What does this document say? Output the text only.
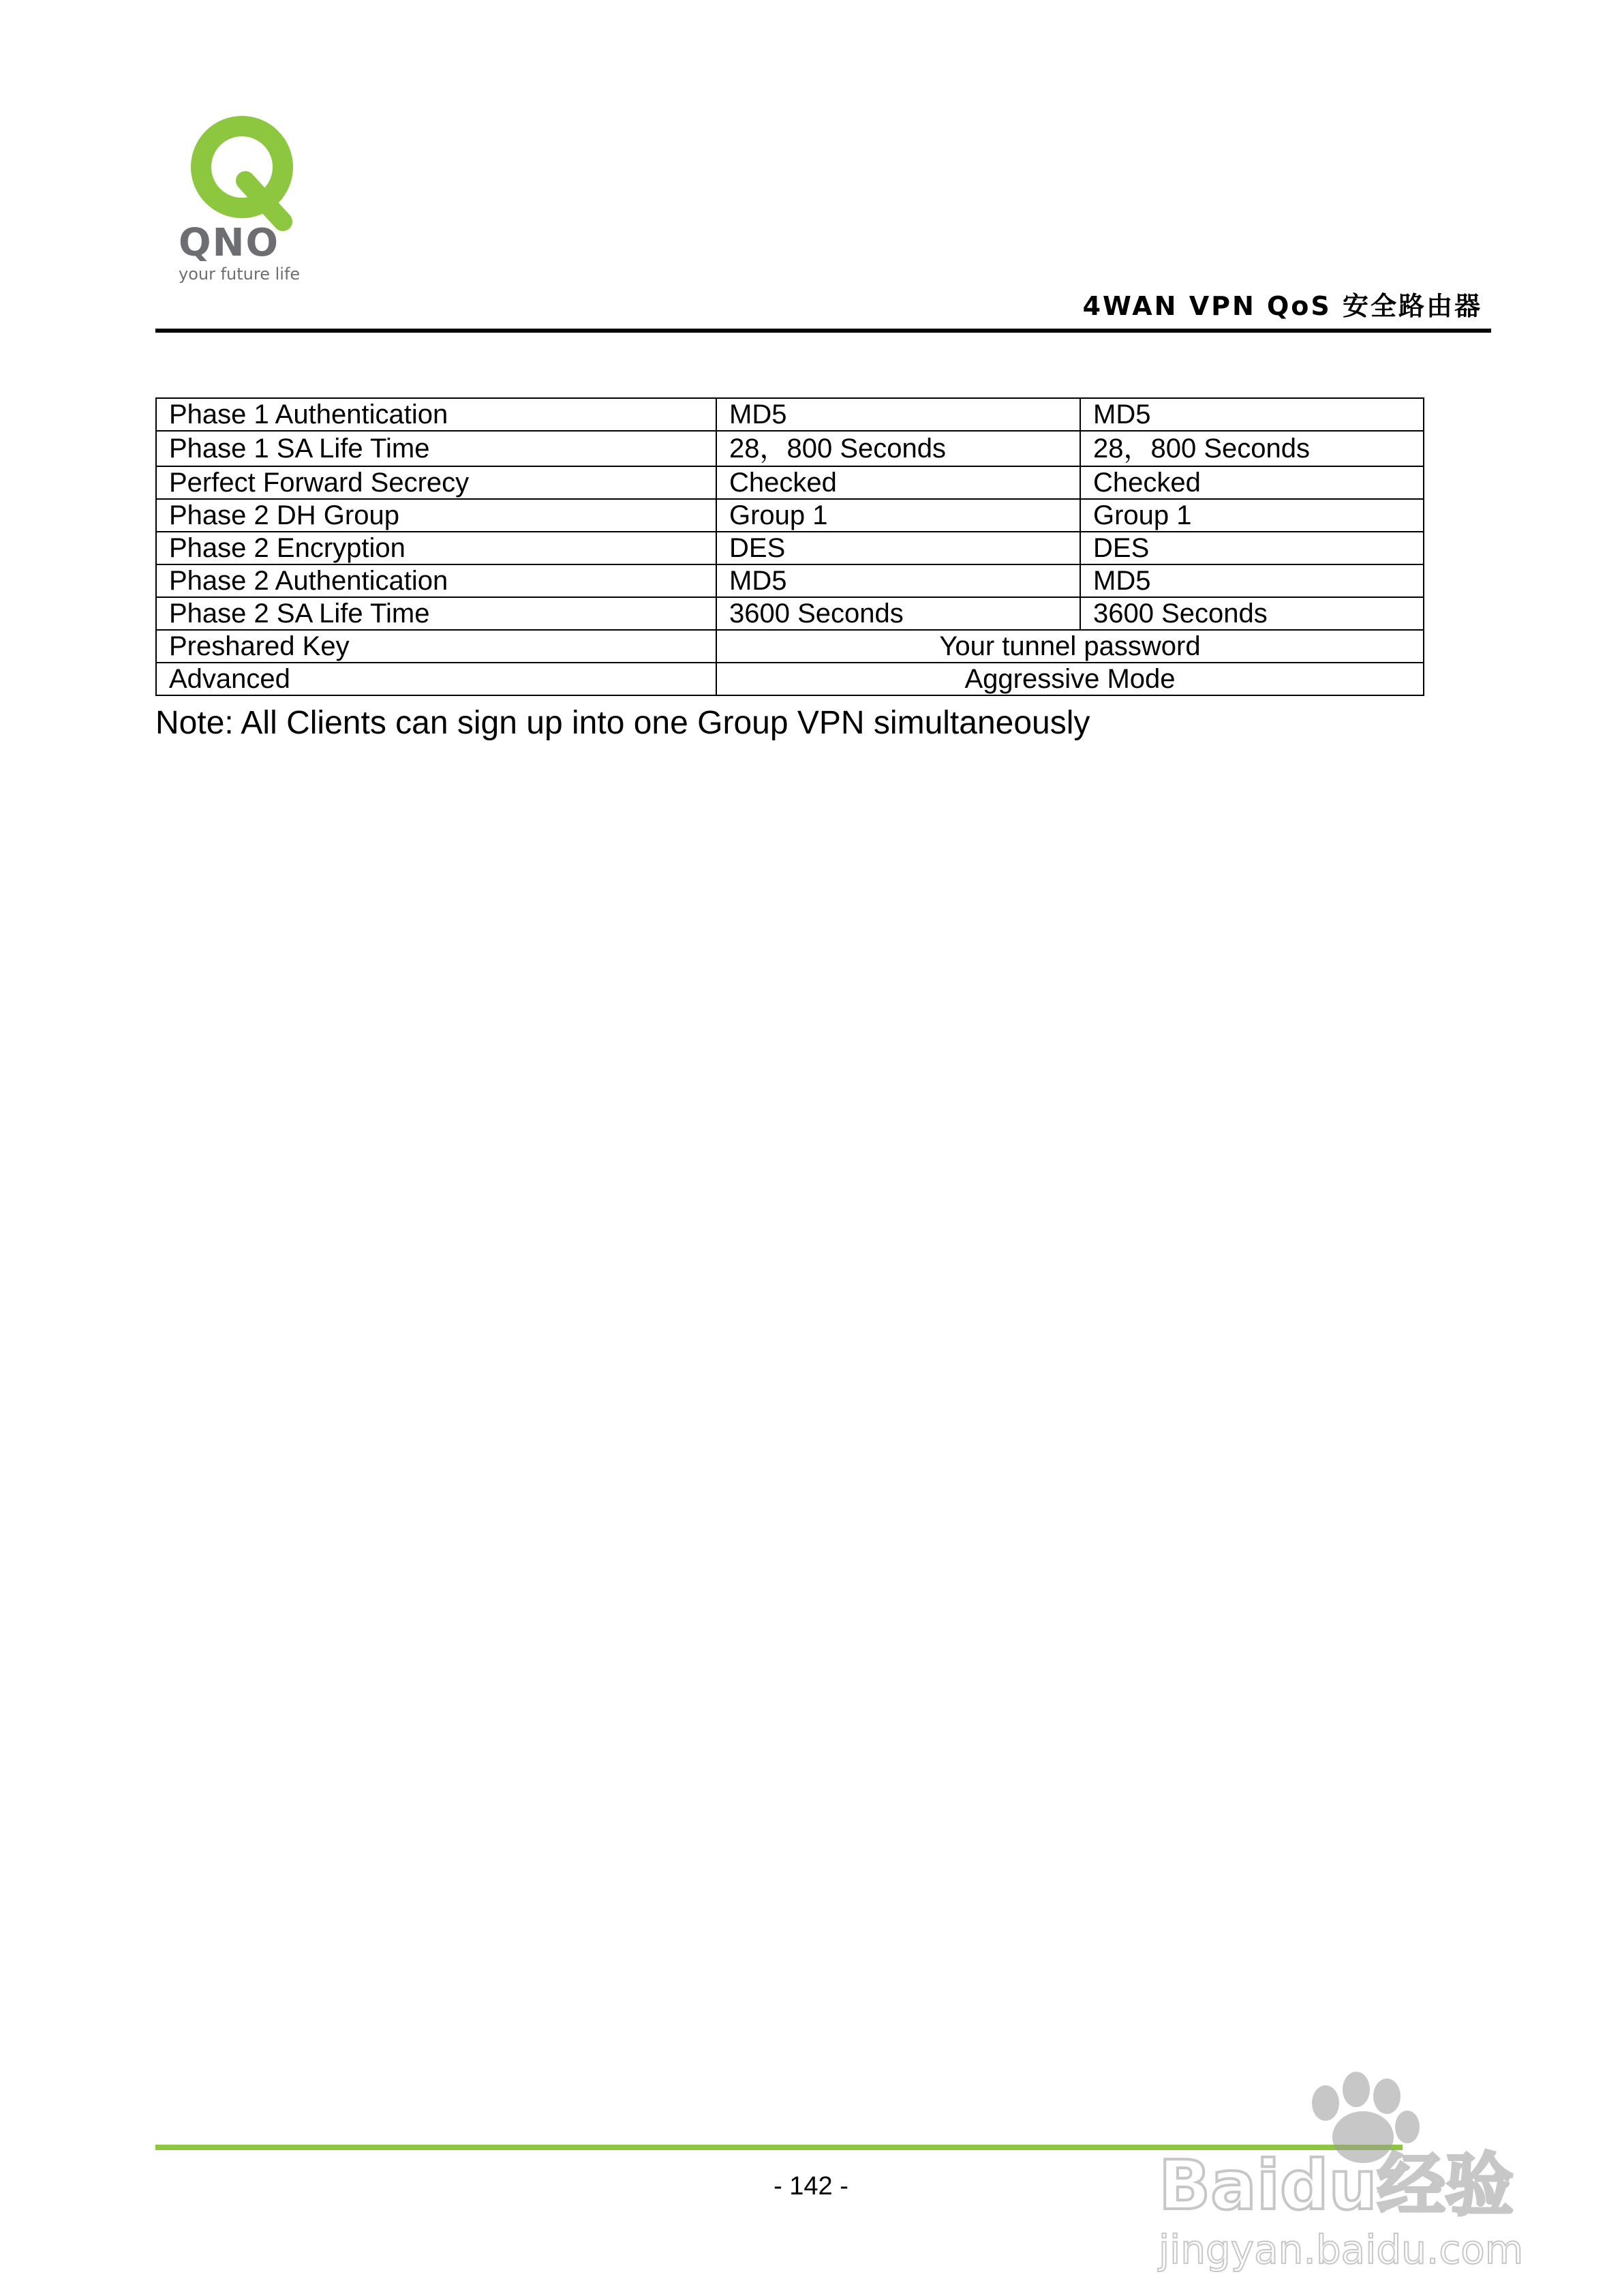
QNO
your future life
4WAN VPN QoS 安全路由器
Phase 1 Authentication	MD5	MD5
Phase 1 SA Life Time	28，800 Seconds	28，800 Seconds
Perfect Forward Secrecy	Checked	Checked
Phase 2 DH Group	Group 1	Group 1
Phase 2 Encryption	DES	DES
Phase 2 Authentication	MD5	MD5
Phase 2 SA Life Time	3600 Seconds	3600 Seconds
Preshared Key	Your tunnel password	
Advanced	Aggressive Mode	
Note: All Clients can sign up into one Group VPN simultaneously
- 142 -	Baidu经验
jingyan.baidu.com
